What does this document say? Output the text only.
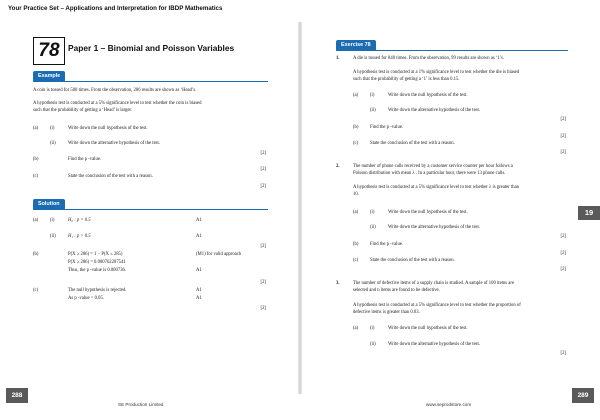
Your Practice Set – Applications and Interpretation for IBDP Mathematics
78	Paper 1 – Binomial and Poisson Variables
Example
A coin is tossed for 500 times. From the observation, 286 results are shown as ‘Head’s.
A hypothesis test is conducted at a 5% significance level to test whether the coin is biased
such that the probability of getting a ‘Head’ is larger.
(a)	(i)	Write down the null hypothesis of the test.
(ii)	Write down the alternative hypothesis of the test.
[2]
(b)	Find the p -value.
[2]
(c)	State the conclusion of the test with a reason.
[2]
Solution
(a)	(i)	H₀ : p = 0.5	A1
(ii)	H₁ : p > 0.5	A1
[2]
(b)	P(X ≥ 286) = 1 − P(X ≤ 285)	(M1) for valid approach
P(X ≥ 286) = 0.000762287541
Thus, the p -value is 0.000736.	A1
[2]
(c)	The null hypothesis is rejected.	A1
As p -value < 0.05.	A1
[2]
288
SE Production Limited
Exercise 78
1.	A die is tossed for 840 times. From the observation, 99 results are shown as ‘1’s.
A hypothesis test is conducted at a 1% significance level to test whether the die is biased
such that the probability of getting a ‘1’ is less than 0.15.
(a)	(i)	Write down the null hypothesis of the test.
(ii)	Write down the alternative hypothesis of the test.
[2]
(b) Find the p -value.
[2]
(c)	State the conclusion of the test with a reason.
[2]
2.	The number of phone calls received by a customer service counter per hour follows a
Poisson distribution with mean λ . In a particular hour, there were 13 phone calls.
A hypothesis test is conducted at a 5% significance level to test whether λ is greater than
10.
(a)	(i)	Write down the null hypothesis of the test.
(ii)	Write down the alternative hypothesis of the test.
[2]
(b) Find the p -value.
[2]
(c)	State the conclusion of the test with a reason.
[2]
3.	The number of defective items of a supply chain is studied. A sample of 100 items are
selected and n items are found to be defective.
A hypothesis test is conducted at a 5% significance level to test whether the proportion of
defective items is greater than 0.03.
(a)	(i)	Write down the null hypothesis of the test.
(ii)	Write down the alternative hypothesis of the test.
[2]
19
289
www.seprodstore.com
